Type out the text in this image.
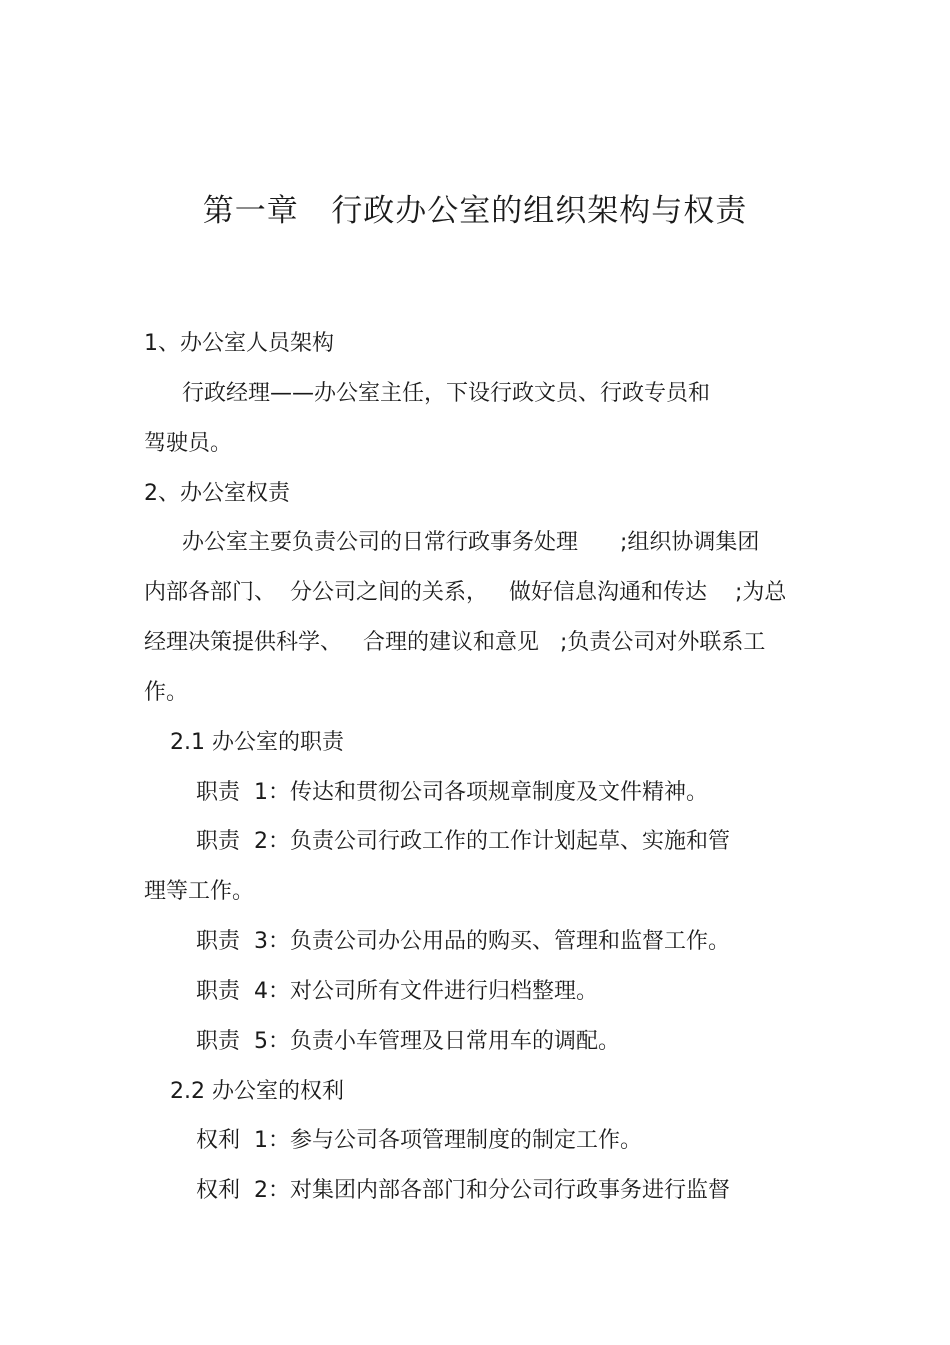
第一章   行政办公室的组织架构与权责
1、办公室人员架构
行政经理——办公室主任，下设行政文员、行政专员和
驾驶员。
2、办公室权责
办公室主要负责公司的日常行政事务处理      ;组织协调集团
内部各部门、  分公司之间的关系，   做好信息沟通和传达    ;为总
经理决策提供科学、   合理的建议和意见   ;负责公司对外联系工
作。
2.1 办公室的职责
职责  1：传达和贯彻公司各项规章制度及文件精神。
职责  2：负责公司行政工作的工作计划起草、实施和管
理等工作。
职责  3：负责公司办公用品的购买、管理和监督工作。
职责  4：对公司所有文件进行归档整理。
职责  5：负责小车管理及日常用车的调配。
2.2 办公室的权利
权利  1：参与公司各项管理制度的制定工作。
权利  2：对集团内部各部门和分公司行政事务进行监督
